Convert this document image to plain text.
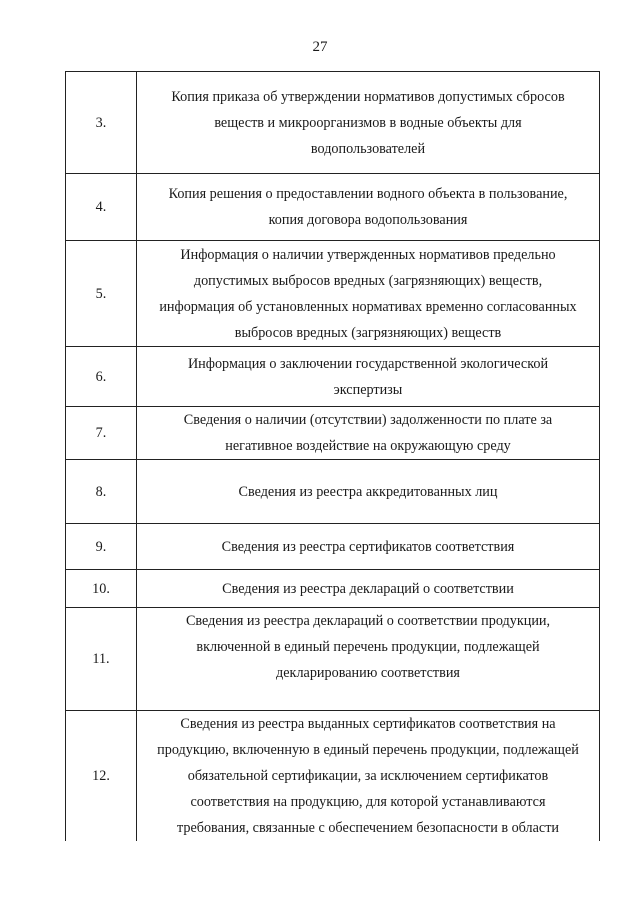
27
3.	Копия приказа об утверждении нормативов допустимых сбросов
веществ и микроорганизмов в водные объекты для
водопользователей

4.	Копия решения о предоставлении водного объекта в пользование,
копия договора водопользования

5.	Информация о наличии утвержденных нормативов предельно
допустимых выбросов вредных (загрязняющих) веществ,
информация об установленных нормативах временно согласованных
выбросов вредных (загрязняющих) веществ

6.	Информация о заключении государственной экологической
экспертизы

7.	Сведения о наличии (отсутствии) задолженности по плате за
негативное воздействие на окружающую среду

8.	Сведения из реестра аккредитованных лиц

9.	Сведения из реестра сертификатов соответствия

10.	Сведения из реестра деклараций о соответствии

11.	Сведения из реестра деклараций о соответствии продукции,
включенной в единый перечень продукции, подлежащей
декларированию соответствия

12.	Сведения из реестра выданных сертификатов соответствия на
продукцию, включенную в единый перечень продукции, подлежащей
обязательной сертификации, за исключением сертификатов
соответствия на продукцию, для которой устанавливаются
требования, связанные с обеспечением безопасности в области
